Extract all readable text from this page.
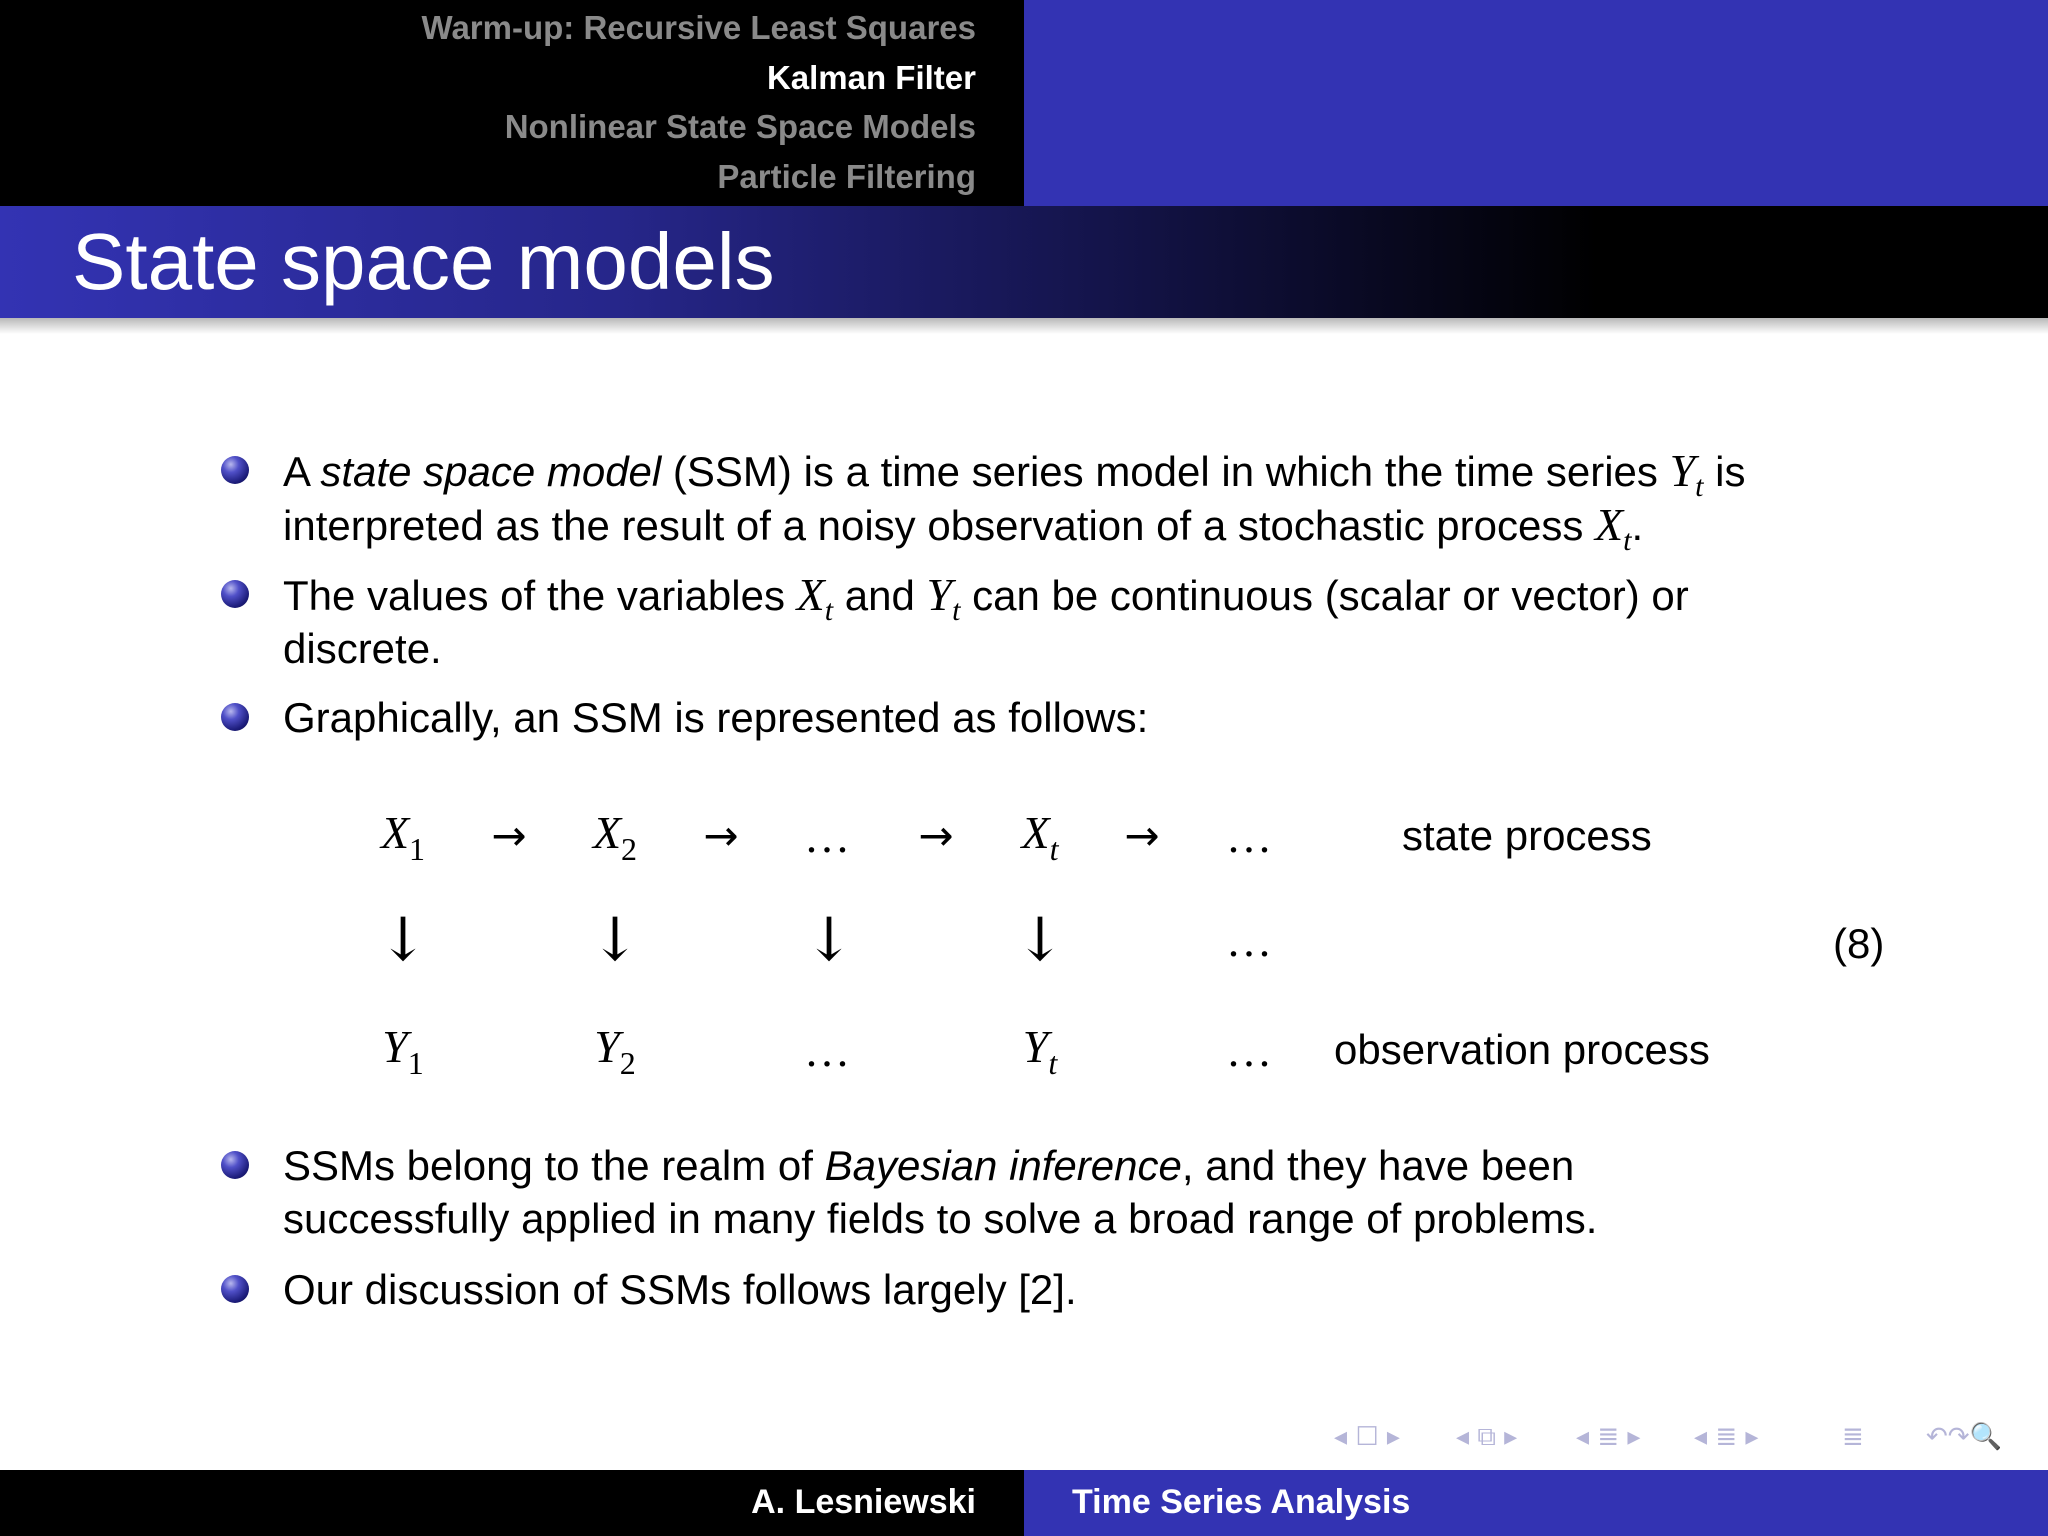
Warm-up: Recursive Least Squares
Kalman Filter
Nonlinear State Space Models
Particle Filtering
State space models
A state space model (SSM) is a time series model in which the time series $Y_t$ is interpreted as the result of a noisy observation of a stochastic process $X_t$.
The values of the variables $X_t$ and $Y_t$ can be continuous (scalar or vector) or discrete.
Graphically, an SSM is represented as follows:
X1 → X2 → ... → Xt → ...	state process
↓	↓	↓	↓	...	(8)
Y1	Y2	...	Yt	... observation process
SSMs belong to the realm of Bayesian inference, and they have been successfully applied in many fields to solve a broad range of problems.
Our discussion of SSMs follows largely [2].
◂ ☐ ▸ ◂ ⧉ ▸ ◂ ≣ ▸ ◂ ≣ ▸	≣ ↶↷🔍
A. Lesniewski	Time Series Analysis
